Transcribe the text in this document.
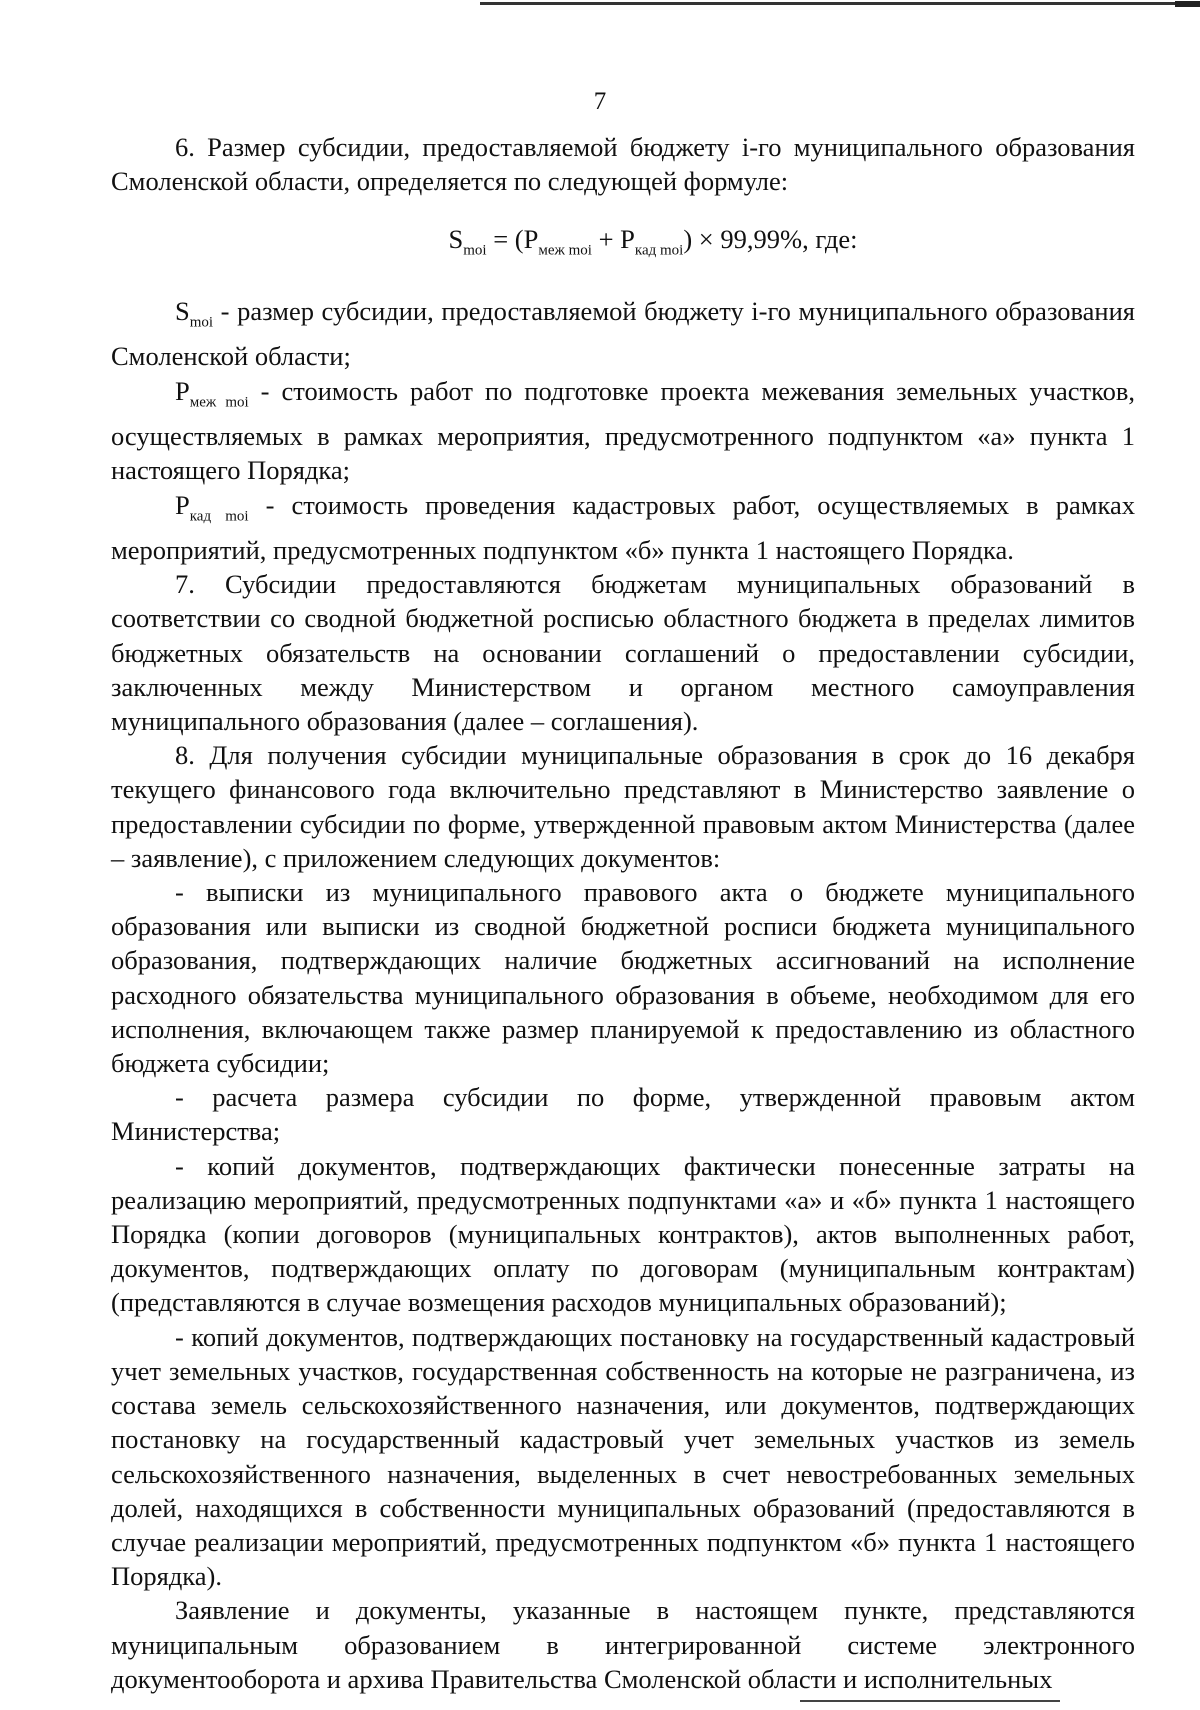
7

6. Размер субсидии, предоставляемой бюджету i-го муниципального образования Смоленской области, определяется по следующей формуле:

$S_{moi} = (P_{меж moi} + P_{кад moi}) \times 99,99\%$, где:

$S_{moi}$ - размер субсидии, предоставляемой бюджету i-го муниципального образования Смоленской области;

$P_{меж moi}$ - стоимость работ по подготовке проекта межевания земельных участков, осуществляемых в рамках мероприятия, предусмотренного подпунктом «а» пункта 1 настоящего Порядка;

$P_{кад moi}$ - стоимость проведения кадастровых работ, осуществляемых в рамках мероприятий, предусмотренных подпунктом «б» пункта 1 настоящего Порядка.

7. Субсидии предоставляются бюджетам муниципальных образований в соответствии со сводной бюджетной росписью областного бюджета в пределах лимитов бюджетных обязательств на основании соглашений о предоставлении субсидии, заключенных между Министерством и органом местного самоуправления муниципального образования (далее – соглашения).

8. Для получения субсидии муниципальные образования в срок до 16 декабря текущего финансового года включительно представляют в Министерство заявление о предоставлении субсидии по форме, утвержденной правовым актом Министерства (далее – заявление), с приложением следующих документов:

- выписки из муниципального правового акта о бюджете муниципального образования или выписки из сводной бюджетной росписи бюджета муниципального образования, подтверждающих наличие бюджетных ассигнований на исполнение расходного обязательства муниципального образования в объеме, необходимом для его исполнения, включающем также размер планируемой к предоставлению из областного бюджета субсидии;

- расчета размера субсидии по форме, утвержденной правовым актом Министерства;

- копий документов, подтверждающих фактически понесенные затраты на реализацию мероприятий, предусмотренных подпунктами «а» и «б» пункта 1 настоящего Порядка (копии договоров (муниципальных контрактов), актов выполненных работ, документов, подтверждающих оплату по договорам (муниципальным контрактам) (представляются в случае возмещения расходов муниципальных образований);

- копий документов, подтверждающих постановку на государственный кадастровый учет земельных участков, государственная собственность на которые не разграничена, из состава земель сельскохозяйственного назначения, или документов, подтверждающих постановку на государственный кадастровый учет земельных участков из земель сельскохозяйственного назначения, выделенных в счет невостребованных земельных долей, находящихся в собственности муниципальных образований (предоставляются в случае реализации мероприятий, предусмотренных подпунктом «б» пункта 1 настоящего Порядка).

Заявление и документы, указанные в настоящем пункте, представляются муниципальным образованием в интегрированной системе электронного документооборота и архива Правительства Смоленской области и исполнительных
